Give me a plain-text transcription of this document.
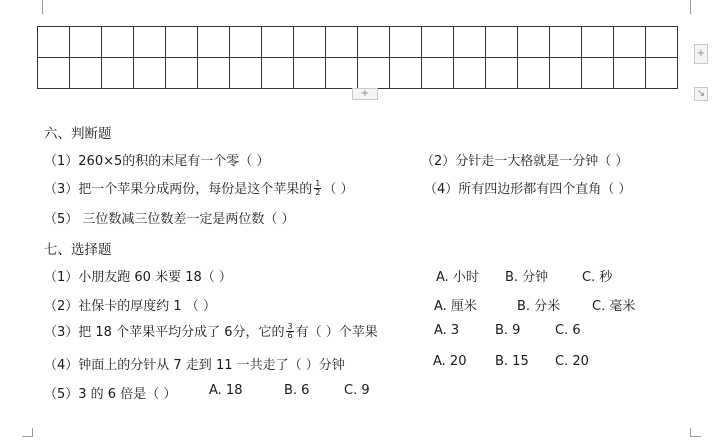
+
+
↘
六、判断题
（1）260×5的积的末尾有一个零（ ）	（2）分针走一大格就是一分钟（ ）
（3）把一个苹果分成两份，每份是这个苹果的 $\frac{1}{2}$ （ ）	（4）所有四边形都有四个直角（ ）
（5） 三位数减三位数差一定是两位数（ ）
七、选择题
（1）小朋友跑 60 米要 18（ ）	A. 小时 B. 分钟	C. 秒
（2）社保卡的厚度约 1 （ ）	A. 厘米	B. 分米 C. 毫米
（3）把 18 个苹果平均分成了 6分，它的 $\frac{3}{6}$ 有（ ）个苹果	A. 3	B. 9	C. 6
（4）钟面上的分针从 7 走到 11 一共走了（ ）分钟	A. 20 B. 15 C. 20
（5）3 的 6 倍是（ ）	A. 18	B. 6	C. 9
